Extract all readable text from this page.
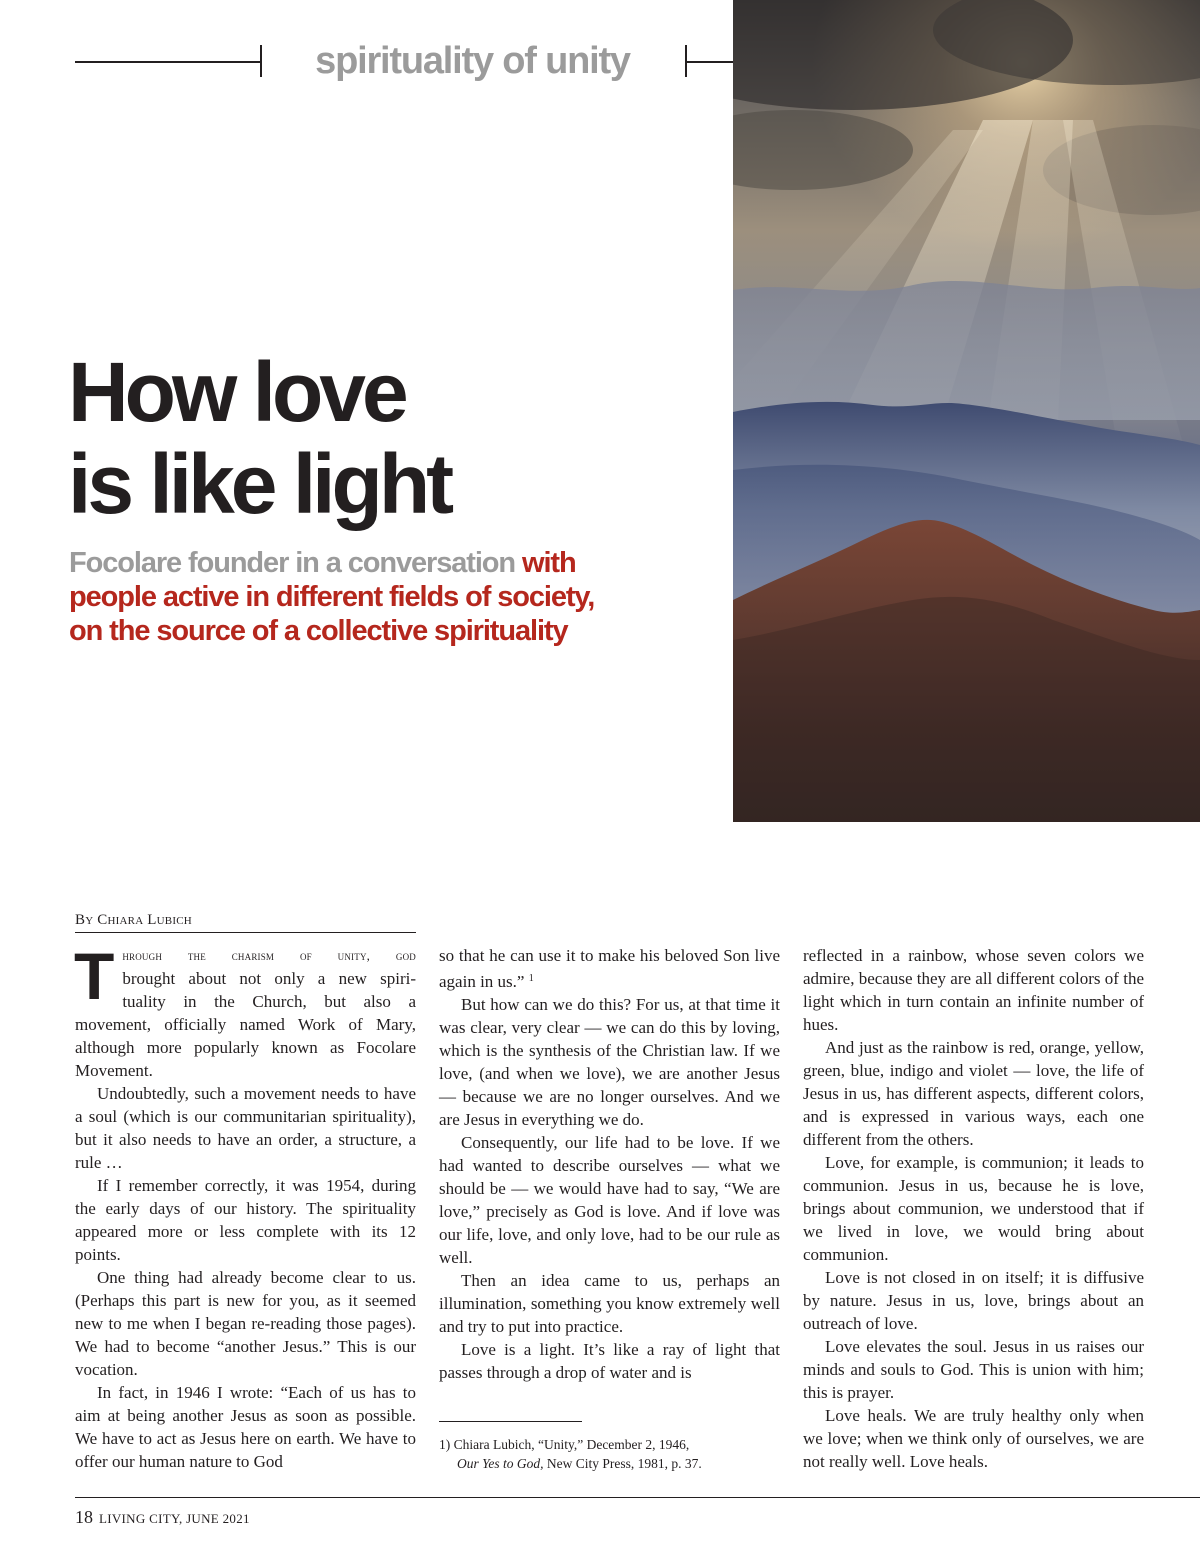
spirituality of unity
How love
is like light
Focolare founder in a conversation with
people active in different fields of society,
on the source of a collective spirituality
By Chiara Lubich

T hrough the charism of unity, god
brought about not only a new spiri-
tuality in the Church, but also a
movement, officially named Work of Mary, although more popularly known as Focolare Movement.

Undoubtedly, such a movement needs to have a soul (which is our communitarian spirituality), but it also needs to have an order, a structure, a rule …

If I remember correctly, it was 1954, during the early days of our history. The spirituality appeared more or less complete with its 12 points.

One thing had already become clear to us. (Perhaps this part is new for you, as it seemed new to me when I began re-reading those pages). We had to become “another Jesus.” This is our vocation.

In fact, in 1946 I wrote: “Each of us has to aim at being another Jesus as soon as possible. We have to act as Jesus here on earth. We have to offer our human nature to God

so that he can use it to make his beloved Son live again in us.” $^1$

But how can we do this? For us, at that time it was clear, very clear — we can do this by loving, which is the synthesis of the Christian law. If we love, (and when we love), we are another Jesus — because we are no longer ourselves. And we are Jesus in everything we do.

Consequently, our life had to be love. If we had wanted to describe ourselves — what we should be — we would have had to say, “We are love,” precisely as God is love. And if love was our life, love, and only love, had to be our rule as well.

Then an idea came to us, perhaps an illumination, something you know extremely well and try to put into practice.

Love is a light. It’s like a ray of light that passes through a drop of water and is

1) Chiara Lubich, “Unity,” December 2, 1946,
Our Yes to God, New City Press, 1981, p. 37.

reflected in a rainbow, whose seven colors we admire, because they are all different colors of the light which in turn contain an infinite number of hues.

And just as the rainbow is red, orange, yellow, green, blue, indigo and violet — love, the life of Jesus in us, has different aspects, different colors, and is expressed in various ways, each one different from the others.

Love, for example, is communion; it leads to communion. Jesus in us, because he is love, brings about communion, we understood that if we lived in love, we would bring about communion.

Love is not closed in on itself; it is diffusive by nature. Jesus in us, love, brings about an outreach of love.

Love elevates the soul. Jesus in us raises our minds and souls to God. This is union with him; this is prayer.

Love heals. We are truly healthy only when we love; when we think only of ourselves, we are not really well. Love heals.

18 LIVING CITY, JUNE 2021
